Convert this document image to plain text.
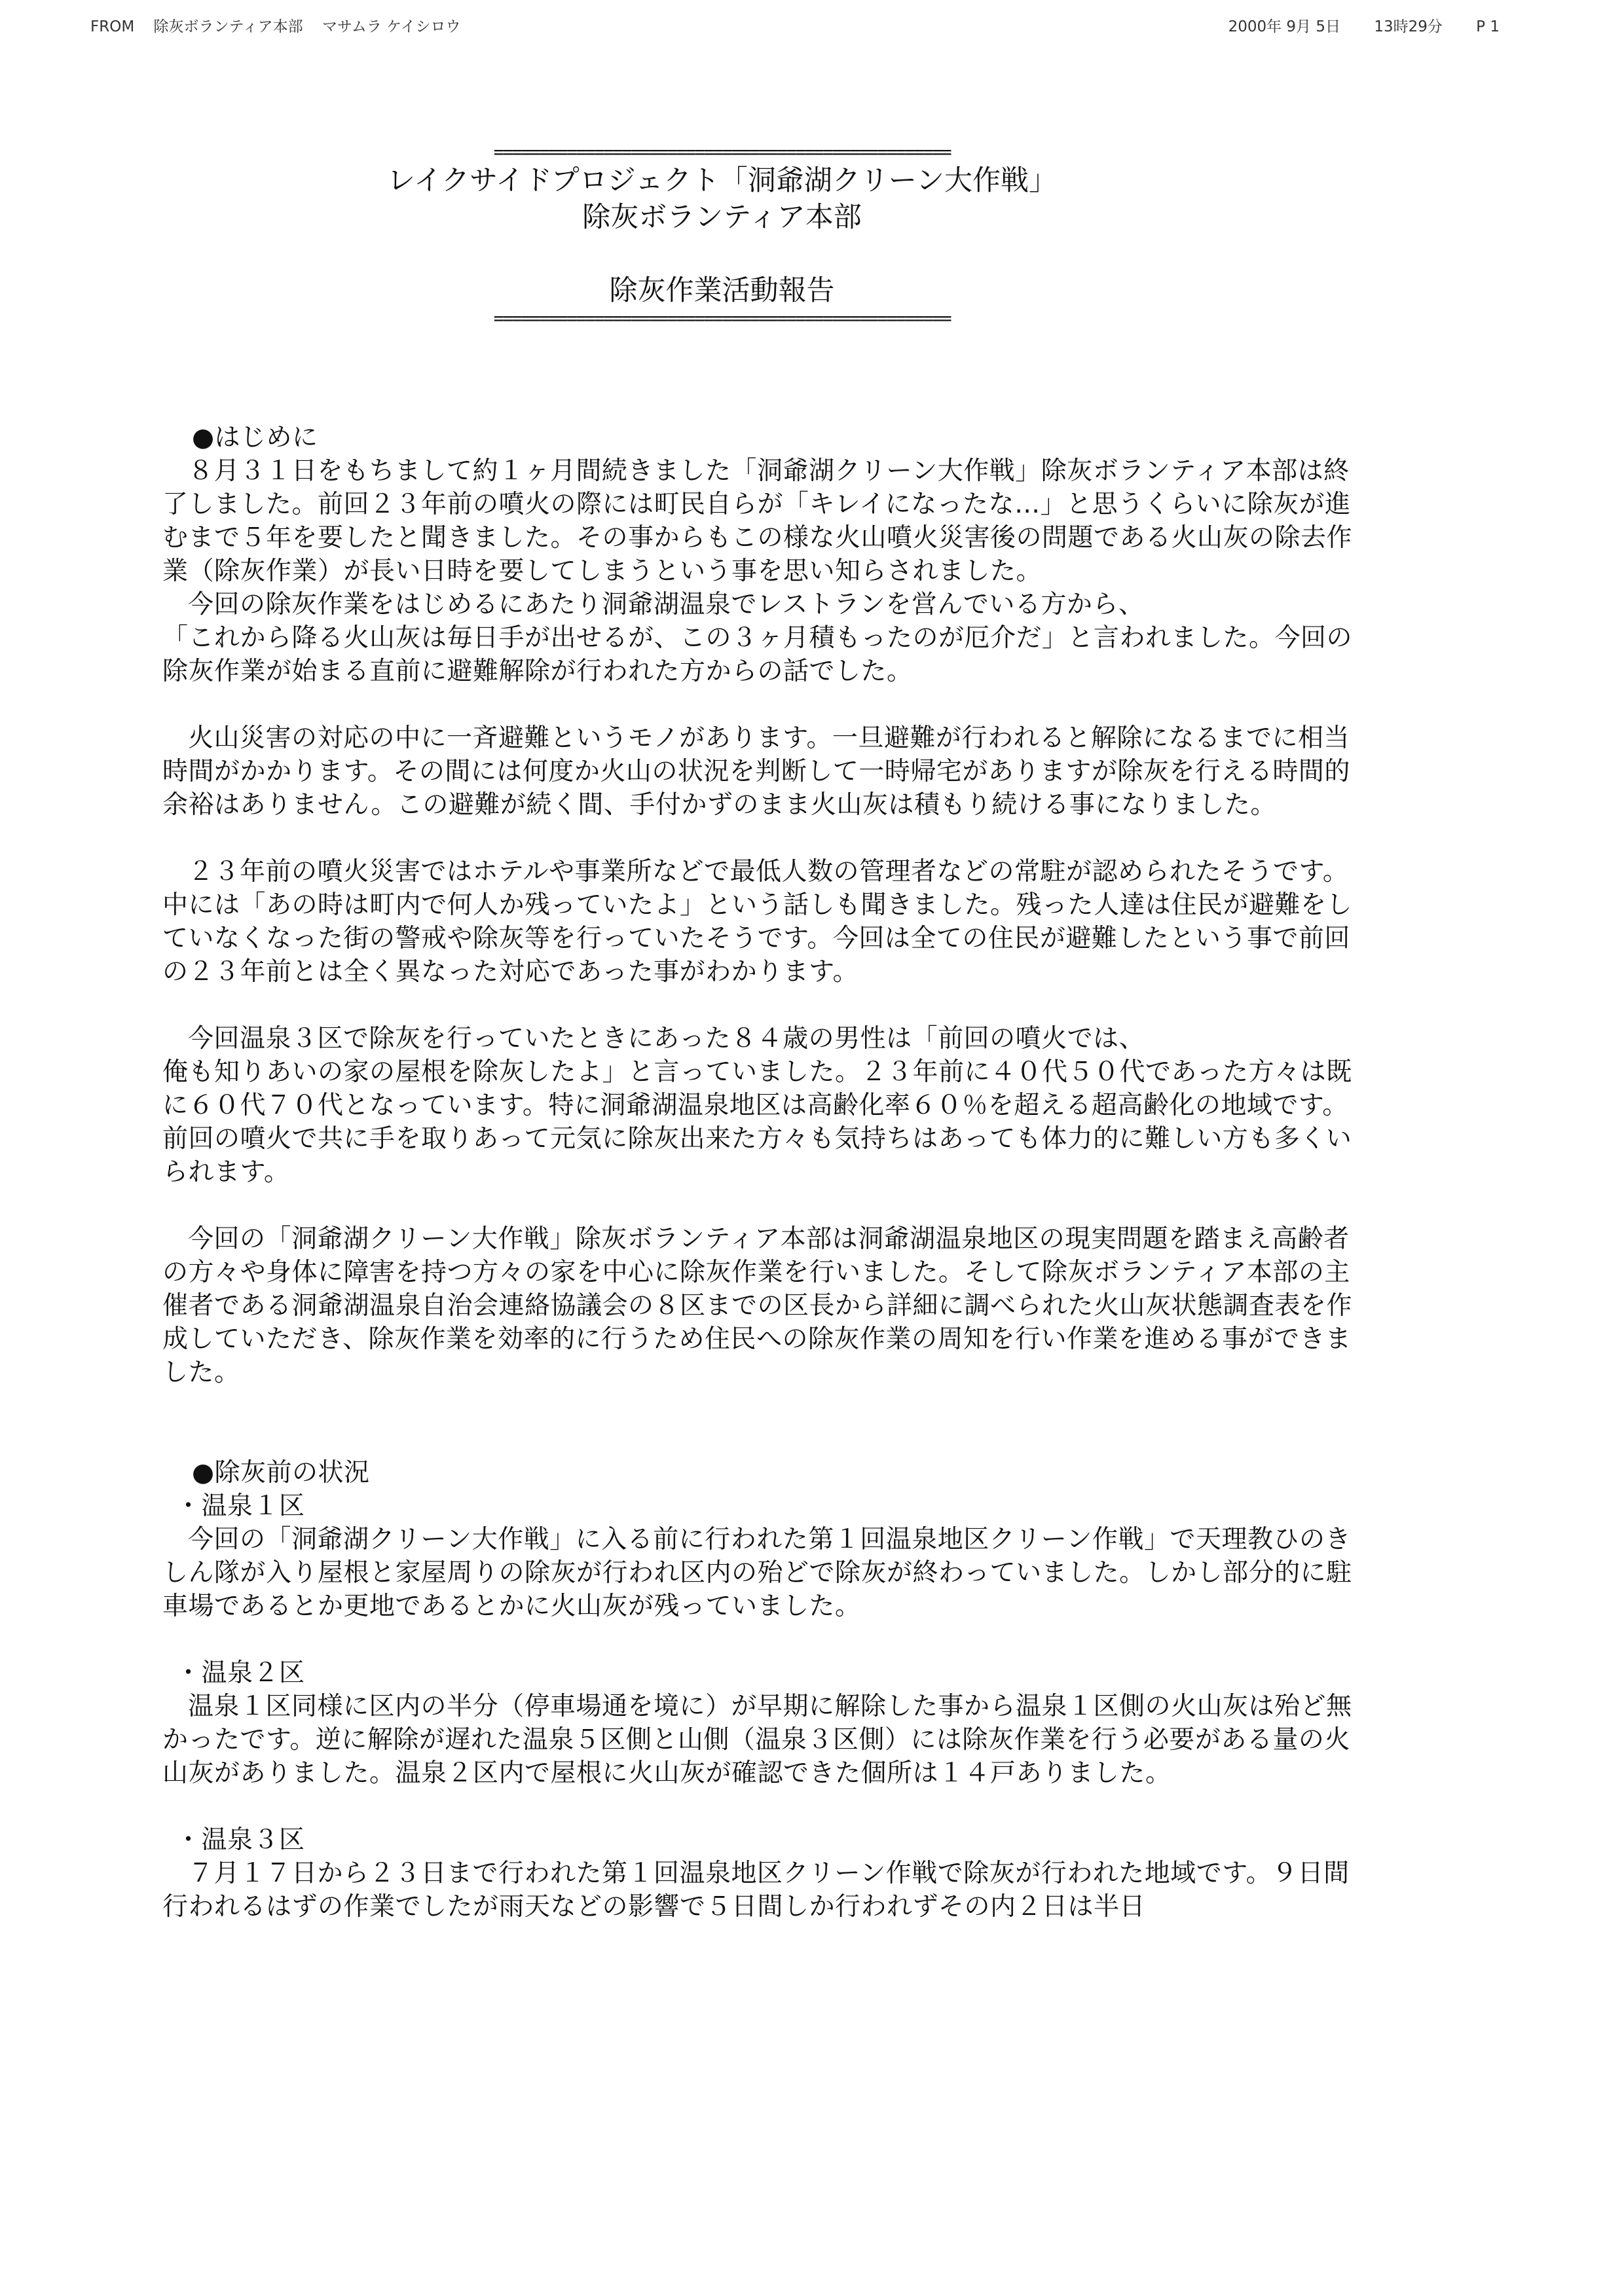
FROM 除灰ボランティア本部 マサムラ ケイシロウ	2000年 9月 5日 13時29分 P 1
==================================================
レイクサイドプロジェクト「洞爺湖クリーン大作戦」
除灰ボランティア本部
除灰作業活動報告
==================================================
●はじめに

８月３１日をもちまして約１ヶ月間続きました「洞爺湖クリーン大作戦」除灰ボランティア本部は終了しました。前回２３年前の噴火の際には町民自らが「キレイになったな…」と思うくらいに除灰が進むまで５年を要したと聞きました。その事からもこの様な火山噴火災害後の問題である火山灰の除去作業（除灰作業）が長い日時を要してしまうという事を思い知らされました。

今回の除灰作業をはじめるにあたり洞爺湖温泉でレストランを営んでいる方から、

「これから降る火山灰は毎日手が出せるが、この３ヶ月積もったのが厄介だ」と言われました。今回の除灰作業が始まる直前に避難解除が行われた方からの話でした。

火山災害の対応の中に一斉避難というモノがあります。一旦避難が行われると解除になるまでに相当時間がかかります。その間には何度か火山の状況を判断して一時帰宅がありますが除灰を行える時間的余裕はありません。この避難が続く間、手付かずのまま火山灰は積もり続ける事になりました。

２３年前の噴火災害ではホテルや事業所などで最低人数の管理者などの常駐が認められたそうです。中には「あの時は町内で何人か残っていたよ」という話しも聞きました。残った人達は住民が避難をしていなくなった街の警戒や除灰等を行っていたそうです。今回は全ての住民が避難したという事で前回の２３年前とは全く異なった対応であった事がわかります。

今回温泉３区で除灰を行っていたときにあった８４歳の男性は「前回の噴火では、

俺も知りあいの家の屋根を除灰したよ」と言っていました。２３年前に４０代５０代であった方々は既に６０代７０代となっています。特に洞爺湖温泉地区は高齢化率６０％を超える超高齢化の地域です。前回の噴火で共に手を取りあって元気に除灰出来た方々も気持ちはあっても体力的に難しい方も多くいられます。

今回の「洞爺湖クリーン大作戦」除灰ボランティア本部は洞爺湖温泉地区の現実問題を踏まえ高齢者の方々や身体に障害を持つ方々の家を中心に除灰作業を行いました。そして除灰ボランティア本部の主催者である洞爺湖温泉自治会連絡協議会の８区までの区長から詳細に調べられた火山灰状態調査表を作成していただき、除灰作業を効率的に行うため住民への除灰作業の周知を行い作業を進める事ができました。

●除灰前の状況
・温泉１区

今回の「洞爺湖クリーン大作戦」に入る前に行われた第１回温泉地区クリーン作戦」で天理教ひのきしん隊が入り屋根と家屋周りの除灰が行われ区内の殆どで除灰が終わっていました。しかし部分的に駐車場であるとか更地であるとかに火山灰が残っていました。

・温泉２区

温泉１区同様に区内の半分（停車場通を境に）が早期に解除した事から温泉１区側の火山灰は殆ど無かったです。逆に解除が遅れた温泉５区側と山側（温泉３区側）には除灰作業を行う必要がある量の火山灰がありました。温泉２区内で屋根に火山灰が確認できた個所は１４戸ありました。

・温泉３区

７月１７日から２３日まで行われた第１回温泉地区クリーン作戦で除灰が行われた地域です。９日間行われるはずの作業でしたが雨天などの影響で５日間しか行われずその内２日は半日
